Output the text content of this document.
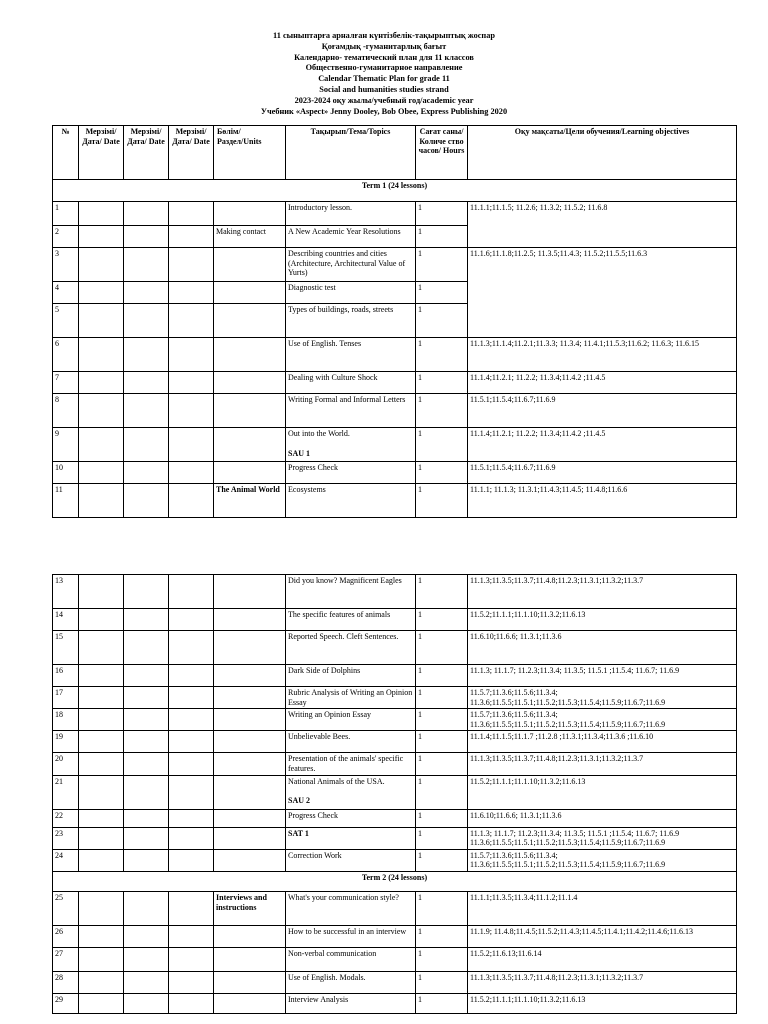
11 сыныптарға арналған күнтізбелік-тақырыптық жоспар
Қоғамдық -гуманитарлық бағыт
Календарно- тематический план для 11 классов
Общественно-гуманитарное направление
Calendar Thematic Plan for grade 11
Social and humanities studies strand
2023-2024 оқу жылы/учебный год/academic year
Учебник «Aspect» Jenny Dooley, Bob Obee, Express Publishing 2020
№	Мерзімі/ Дата/ Date	Мерзімі/ Дата/ Date	Мерзімі/ Дата/ Date	Бөлім/ Раздел/Units	Тақырып/Тема/Topics	Сағат саны/ Количе ство часов/ Hours	Оқу мақсаты/Цели обучения/Learning objectives
Term 1 (24 lessons)							
1					Introductory lesson.	1	11.1.1;11.1.5; 11.2.6; 11.3.2; 11.5.2; 11.6.8

2				Making contact	A New Academic Year Resolutions	1	
3					Describing countries and cities (Architecture, Architectural Value of Yurts)	1	11.1.6;11.1.8;11.2.5; 11.3.5;11.4.3; 11.5.2;11.5.5;11.6.3

4					Diagnostic test	1	
5					Types of buildings, roads, streets	1	
6					Use of English. Tenses	1	11.1.3;11.1.4;11.2.1;11.3.3; 11.3.4; 11.4.1;11.5.3;11.6.2; 11.6.3; 11.6.15

7					Dealing with Culture Shock	1	11.1.4;11.2.1; 11.2.2; 11.3.4;11.4.2 ;11.4.5

8					Writing Formal and Informal Letters	1	11.5.1;11.5.4;11.6.7;11.6.9

9					Out into the World.
SAU 1	1	11.1.4;11.2.1; 11.2.2; 11.3.4;11.4.2 ;11.4.5

10					Progress Check	1	11.5.1;11.5.4;11.6.7;11.6.9

11				The Animal World	Ecosystems	1	11.1.1; 11.1.3; 11.3.1;11.4.3;11.4.5; 11.4.8;11.6.6
13					Did you know? Magnificent Eagles	1	11.1.3;11.3.5;11.3.7;11.4.8;11.2.3;11.3.1;11.3.2;11.3.7

14					The specific features of animals	1	11.5.2;11.1.1;11.1.10;11.3.2;11.6.13

15					Reported Speech. Cleft Sentences.	1	11.6.10;11.6.6; 11.3.1;11.3.6

16					Dark Side of Dolphins	1	11.1.3; 11.1.7; 11.2.3;11.3.4; 11.3.5; 11.5.1 ;11.5.4; 11.6.7; 11.6.9

17					Rubric Analysis of Writing an Opinion Essay	1	11.5.7;11.3.6;11.5.6;11.3.4;
11.3.6;11.5.5;11.5.1;11.5.2;11.5.3;11.5.4;11.5.9;11.6.7;11.6.9

18					Writing an Opinion Essay	1	11.5.7;11.3.6;11.5.6;11.3.4;
11.3.6;11.5.5;11.5.1;11.5.2;11.5.3;11.5.4;11.5.9;11.6.7;11.6.9

19					Unbelievable Bees.	1	11.1.4;11.1.5;11.1.7 ;11.2.8 ;11.3.1;11.3.4;11.3.6 ;11.6.10

20					Presentation of the animals' specific features.	1	11.1.3;11.3.5;11.3.7;11.4.8;11.2.3;11.3.1;11.3.2;11.3.7

21					National Animals of the USA.
SAU 2	1	11.5.2;11.1.1;11.1.10;11.3.2;11.6.13

22					Progress Check	1	11.6.10;11.6.6; 11.3.1;11.3.6

23					SAT 1	1	11.1.3; 11.1.7; 11.2.3;11.3.4; 11.3.5; 11.5.1 ;11.5.4; 11.6.7; 11.6.9
11.3.6;11.5.5;11.5.1;11.5.2;11.5.3;11.5.4;11.5.9;11.6.7;11.6.9

24					Correction Work	1	11.5.7;11.3.6;11.5.6;11.3.4;
11.3.6;11.5.5;11.5.1;11.5.2;11.5.3;11.5.4;11.5.9;11.6.7;11.6.9

Term 2 (24 lessons)							
25				Interviews and instructions	What's your communication style?	1	11.1.1;11.3.5;11.3.4;11.1.2;11.1.4

26					How to be successful in an interview	1	11.1.9; 11.4.8;11.4.5;11.5.2;11.4.3;11.4.5;11.4.1;11.4.2;11.4.6;11.6.13

27					Non-verbal communication	1	11.5.2;11.6.13;11.6.14

28					Use of English. Modals.	1	11.1.3;11.3.5;11.3.7;11.4.8;11.2.3;11.3.1;11.3.2;11.3.7

29					Interview Analysis	1	11.5.2;11.1.1;11.1.10;11.3.2;11.6.13
